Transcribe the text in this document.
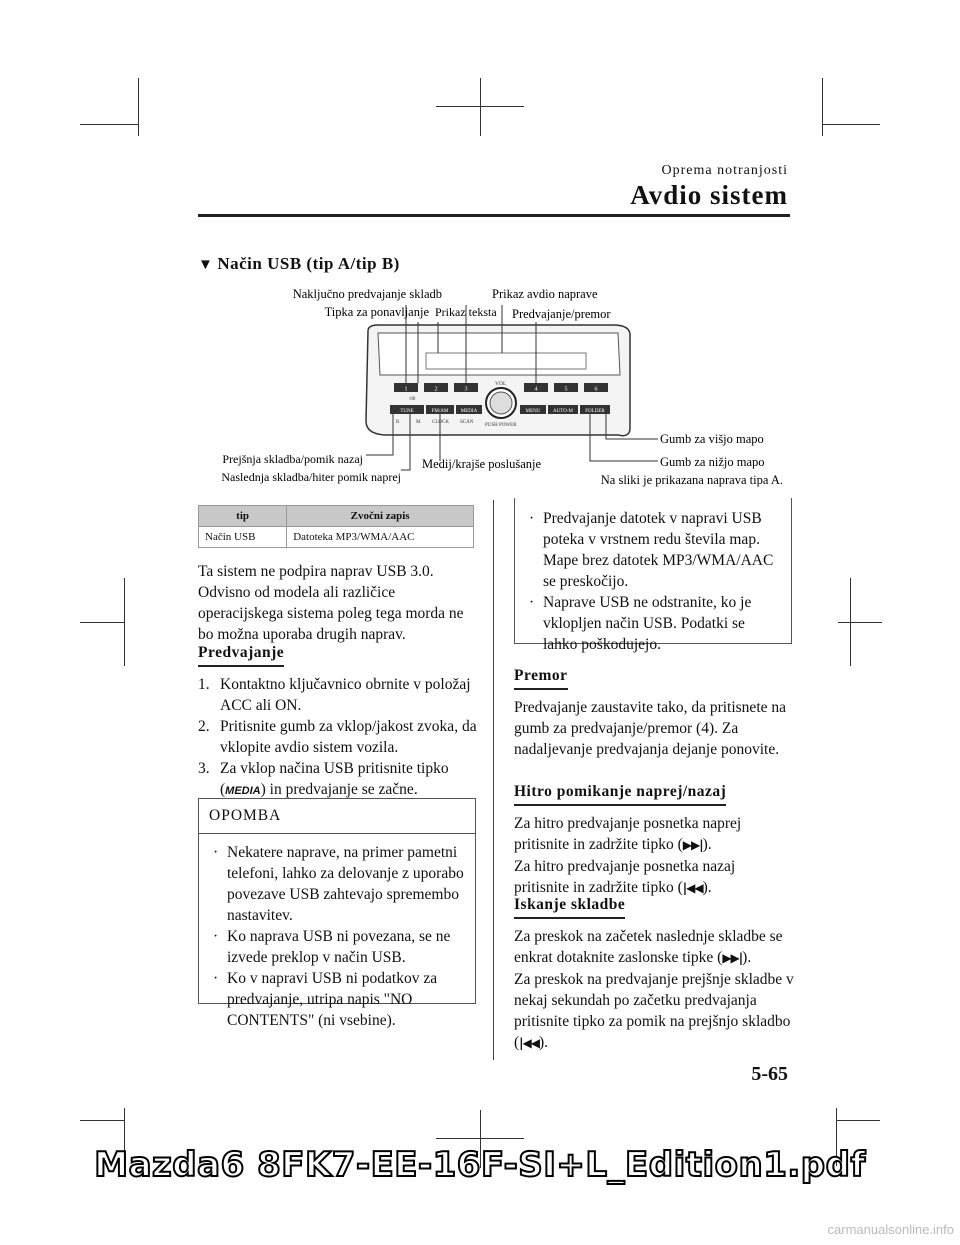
Oprema notranjosti
Avdio sistem
▼ Način USB (tip A/tip B)
1	2	3	4	5	6
:00
TUNE	FM/AM MEDIA	MENU	AUTO-M FOLDER
R	M CLOCK SCAN
VOL
PUSH POWER
Naključno predvajanje skladb
Tipka za ponavljanje Prikaz teksta
Prikaz avdio naprave
Predvajanje/premor
Prejšnja skladba/pomik nazaj
Naslednja skladba/hiter pomik naprej
Medij/krajše poslušanje
Gumb za višjo mapo
Gumb za nižjo mapo
Na sliki je prikazana naprava tipa A.
tip	Zvočni zapis
Način USB	Datoteka MP3/WMA/AAC
Ta sistem ne podpira naprav USB 3.0. Odvisno od modela ali različice operacijskega sistema poleg tega morda ne bo možna uporaba drugih naprav.
Predvajanje
1. Kontaktno ključavnico obrnite v položaj ACC ali ON.
2. Pritisnite gumb za vklop/jakost zvoka, da vklopite avdio sistem vozila.
3. Za vklop načina USB pritisnite tipko (MEDIA) in predvajanje se začne.
OPOMBA
· Nekatere naprave, na primer pametni telefoni, lahko za delovanje z uporabo povezave USB zahtevajo spremembo nastavitev.
· Ko naprava USB ni povezana, se ne izvede preklop v način USB.
· Ko v napravi USB ni podatkov za predvajanje, utripa napis "NO CONTENTS" (ni vsebine).
· Predvajanje datotek v napravi USB poteka v vrstnem redu števila map. Mape brez datotek MP3/WMA/AAC se preskočijo.
· Naprave USB ne odstranite, ko je vklopljen način USB. Podatki se lahko poškodujejo.
Premor
Predvajanje zaustavite tako, da pritisnete na gumb za predvajanje/premor (4). Za nadaljevanje predvajanja dejanje ponovite.
Hitro pomikanje naprej/nazaj
Za hitro predvajanje posnetka naprej pritisnite in zadržite tipko (▶▶|).
Za hitro predvajanje posnetka nazaj pritisnite in zadržite tipko (|◀◀).
Iskanje skladbe
Za preskok na začetek naslednje skladbe se enkrat dotaknite zaslonske tipke (▶▶|).
Za preskok na predvajanje prejšnje skladbe v nekaj sekundah po začetku predvajanja pritisnite tipko za pomik na prejšnjo skladbo (|◀◀).
5-65
Mazda6 8FK7-EE-16F-SI+L_Edition1.pdf
carmanualsonline.info
